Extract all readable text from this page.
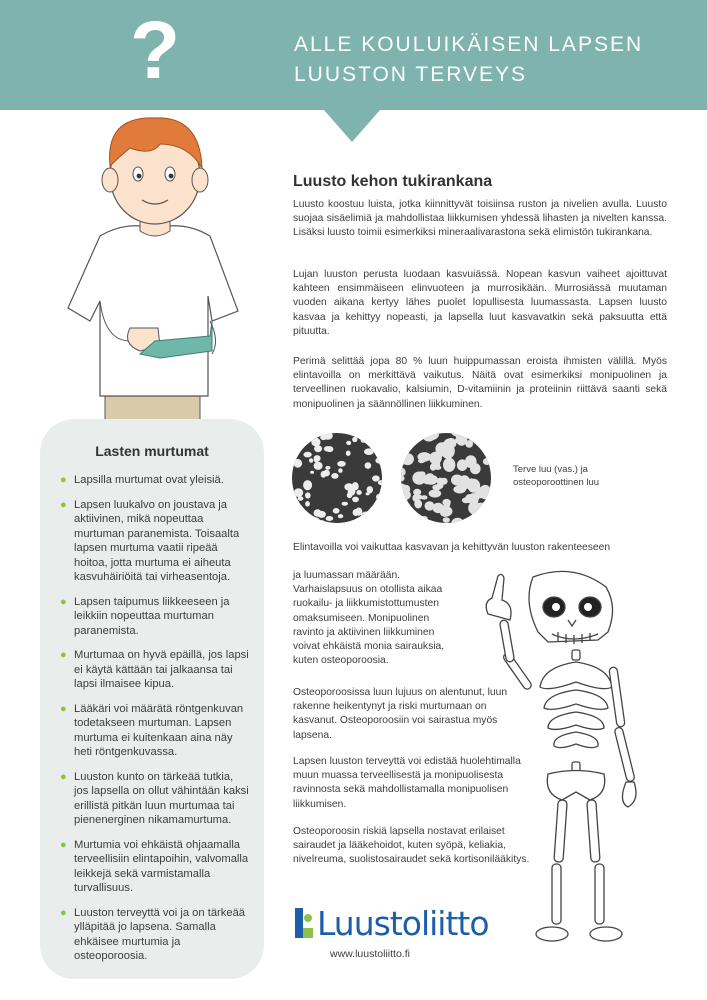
?	ALLE KOULUIKÄISEN LAPSEN
LUUSTON TERVEYS
Lasten murtumat
● Lapsilla murtumat ovat yleisiä.
● Lapsen luukalvo on joustava ja aktiivinen, mikä nopeuttaa murtuman paranemista. Toisaalta lapsen murtuma vaatii ripeää hoitoa, jotta murtuma ei aiheuta kasvuhäiriöitä tai virheasentoja.
● Lapsen taipumus liikkeeseen ja leikkiin nopeuttaa murtuman paranemista.
● Murtumaa on hyvä epäillä, jos lapsi ei käytä kättään tai jalkaansa tai lapsi ilmaisee kipua.
● Lääkäri voi määrätä röntgenkuvan todetakseen murtuman. Lapsen murtuma ei kuitenkaan aina näy heti röntgenkuvassa.
● Luuston kunto on tärkeää tutkia, jos lapsella on ollut vähintään kaksi erillistä pitkän luun murtumaa tai pienenerginen nikamamurtuma.
● Murtumia voi ehkäistä ohjaamalla terveellisiin elintapoihin, valvomalla leikkejä sekä varmistamalla turvallisuus.
● Luuston terveyttä voi ja on tärkeää ylläpitää jo lapsena. Samalla ehkäisee murtumia ja osteoporoosia.
Luusto kehon tukirankana

Luusto koostuu luista, jotka kiinnittyvät toisiinsa ruston ja nivelien avulla. Luusto suojaa sisäelimiä ja mahdollistaa liikkumisen yhdessä lihasten ja nivelten kanssa. Lisäksi luusto toimii esimerkiksi mineraalivarastona sekä elimistön tukirankana.

Lujan luuston perusta luodaan kasvuiässä. Nopean kasvun vaiheet ajoittuvat kahteen ensimmäiseen elinvuoteen ja murrosikään. Murrosiässä muutaman vuoden aikana kertyy lähes puolet lopullisesta luumassasta. Lapsen luusto kasvaa ja kehittyy nopeasti, ja lapsella luut kasvavatkin sekä paksuutta että pituutta.

Perimä selittää jopa 80 % luun huippumassan eroista ihmisten välillä. Myös elintavoilla on merkittävä vaikutus. Näitä ovat esimerkiksi monipuolinen ja terveellinen ruokavalio, kalsiumin, D-vitamiinin ja proteiinin riittävä saanti sekä monipuolinen ja säännöllinen liikkuminen.

Terve luu (vas.) ja osteoporoottinen luu

Elintavoilla voi vaikuttaa kasvavan ja kehittyvän luuston rakenteeseen

ja luumassan määrään. Varhaislapsuus on otollista aikaa ruokailu- ja liikkumistottumusten omaksumiseen. Monipuolinen ravinto ja aktiivinen liikkuminen voivat ehkäistä monia sairauksia, kuten osteoporoosia.

Osteoporoosissa luun lujuus on alentunut, luun rakenne heikentynyt ja riski murtumaan on kasvanut. Osteoporoosiin voi sairastua myös lapsena.

Lapsen luuston terveyttä voi edistää huolehtimalla muun muassa terveellisestä ja monipuolisesta ravinnosta sekä mahdollistamalla monipuolisen liikkumisen.

Osteoporoosin riskiä lapsella nostavat erilaiset sairaudet ja lääkehoidot, kuten syöpä, keliakia, nivelreuma, suolistosairaudet sekä kortisonilääkitys.

Luustoliitto
www.luustoliitto.fi
